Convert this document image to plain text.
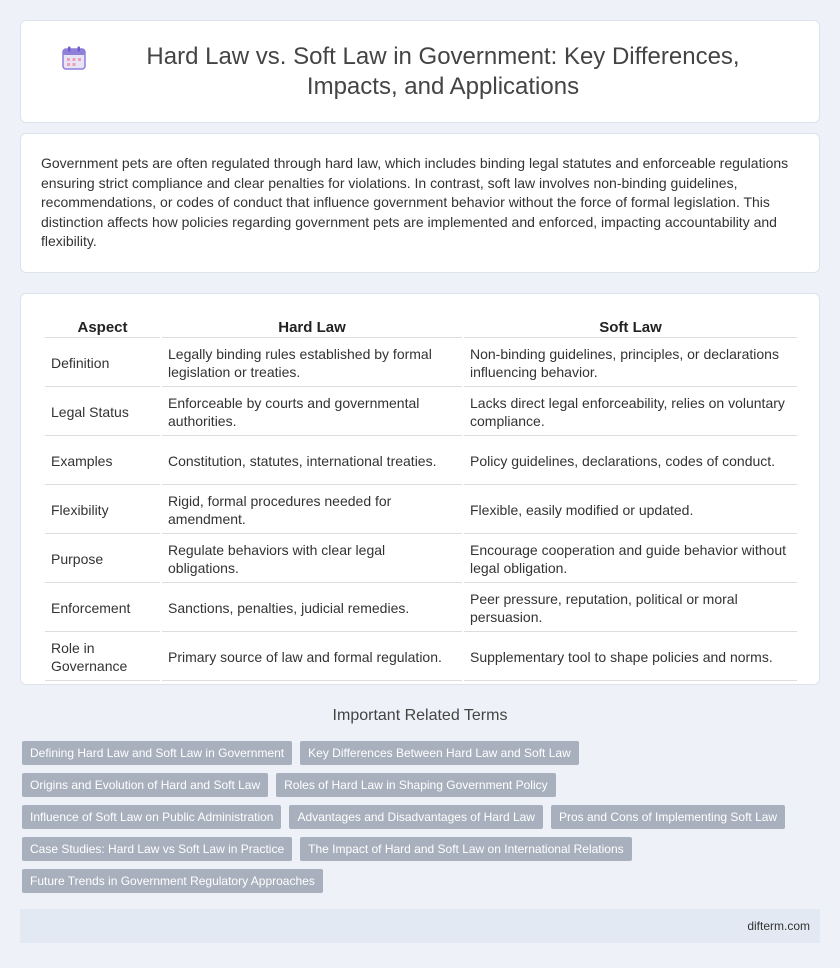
Hard Law vs. Soft Law in Government: Key Differences, Impacts, and Applications

Government pets are often regulated through hard law, which includes binding legal statutes and enforceable regulations ensuring strict compliance and clear penalties for violations. In contrast, soft law involves non-binding guidelines, recommendations, or codes of conduct that influence government behavior without the force of formal legislation. This distinction affects how policies regarding government pets are implemented and enforced, impacting accountability and flexibility.

Aspect	Hard Law	Soft Law
Definition	Legally binding rules established by formal legislation or treaties.	Non-binding guidelines, principles, or declarations influencing behavior.
Legal Status	Enforceable by courts and governmental authorities.	Lacks direct legal enforceability, relies on voluntary compliance.
Examples	Constitution, statutes, international treaties.	Policy guidelines, declarations, codes of conduct.
Flexibility	Rigid, formal procedures needed for amendment.	Flexible, easily modified or updated.
Purpose	Regulate behaviors with clear legal obligations.	Encourage cooperation and guide behavior without legal obligation.
Enforcement	Sanctions, penalties, judicial remedies.	Peer pressure, reputation, political or moral persuasion.
Role in Governance	Primary source of law and formal regulation.	Supplementary tool to shape policies and norms.
Important Related Terms
Defining Hard Law and Soft Law in Government	Key Differences Between Hard Law and Soft Law
Origins and Evolution of Hard and Soft Law	Roles of Hard Law in Shaping Government Policy
Influence of Soft Law on Public Administration	Advantages and Disadvantages of Hard Law	Pros and Cons of Implementing Soft Law
Case Studies: Hard Law vs Soft Law in Practice	The Impact of Hard and Soft Law on International Relations
Future Trends in Government Regulatory Approaches
difterm.com
